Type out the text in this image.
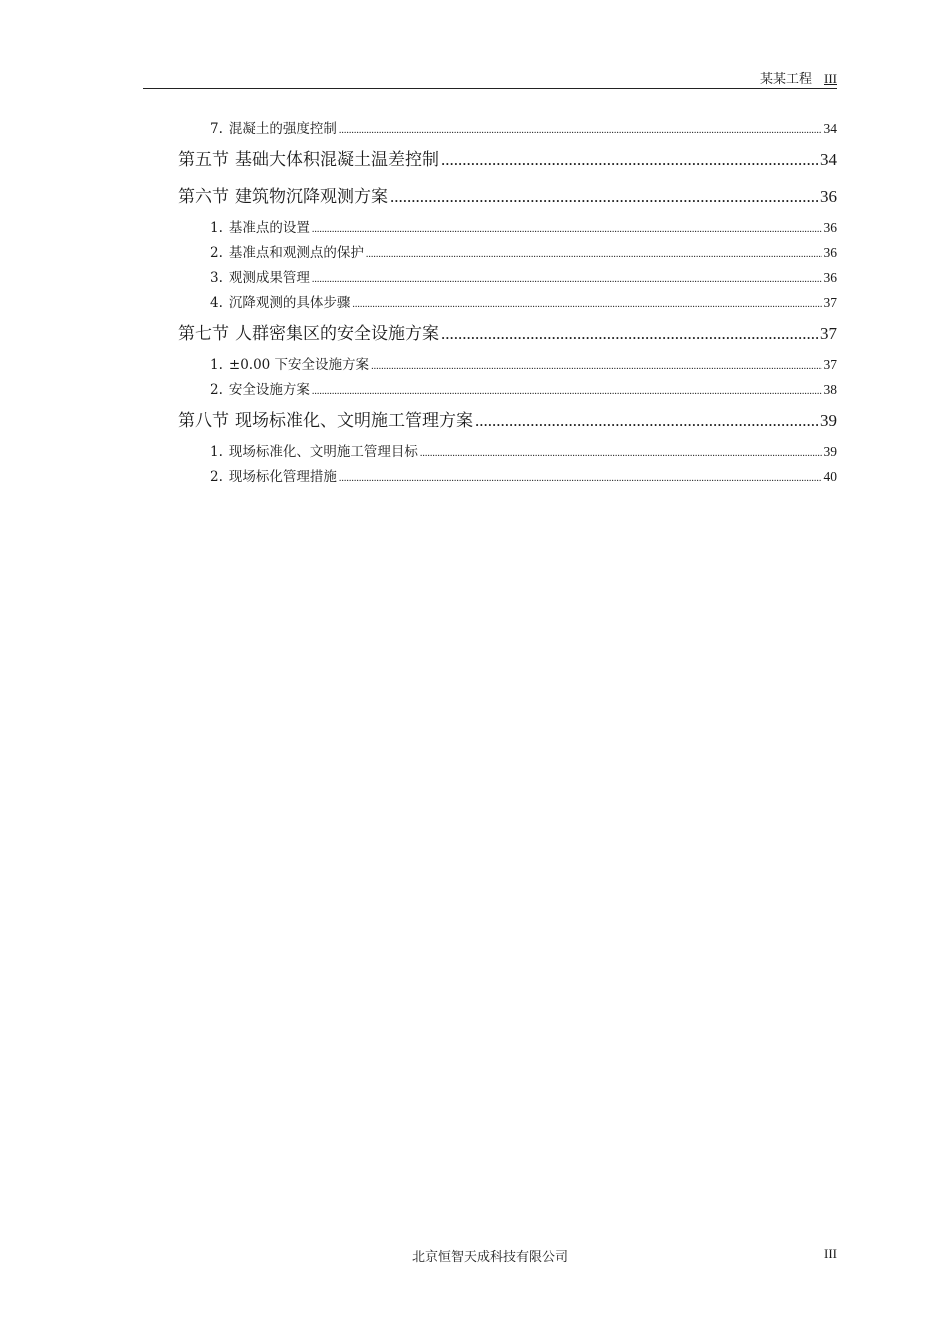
某某工程 III
7. 混凝土的强度控制 .....	34
第五节 基础大体积混凝土温差控制 .....	34
第六节 建筑物沉降观测方案 .....	36
1. 基准点的设置 .....	36
2. 基准点和观测点的保护 .....	36
3. 观测成果管理 .....	36
4. 沉降观测的具体步骤 .....	37
第七节 人群密集区的安全设施方案 .....	37
1. ±0.00 下安全设施方案 .....	37
2. 安全设施方案 .....	38
第八节 现场标准化、文明施工管理方案 .....	39
1. 现场标准化、文明施工管理目标 .....	39
2. 现场标化管理措施 .....	40
北京恒智天成科技有限公司	III
